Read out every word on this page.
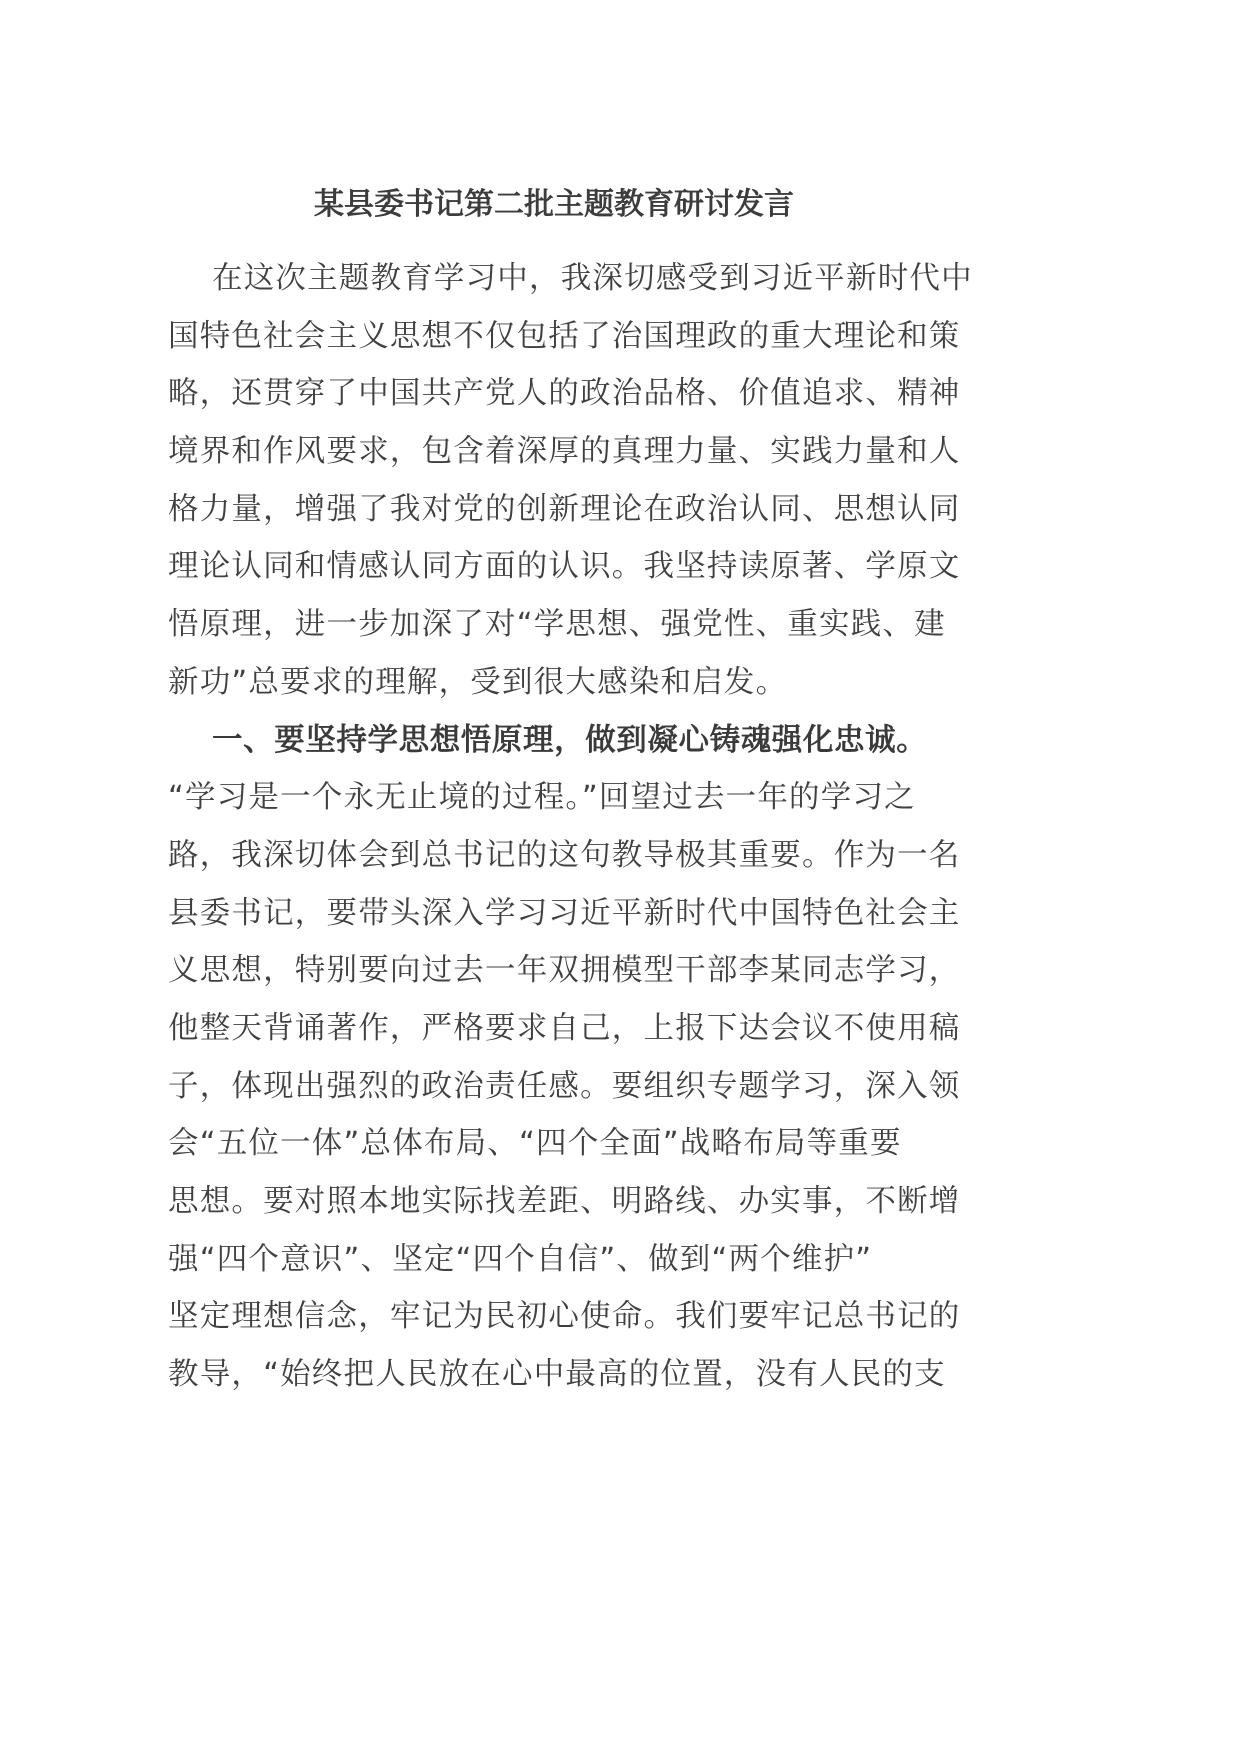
某县委书记第二批主题教育研讨发言
在这次主题教育学习中，我深切感受到习近平新时代中
国特色社会主义思想不仅包括了治国理政的重大理论和策
略，还贯穿了中国共产党人的政治品格、价值追求、精神
境界和作风要求，包含着深厚的真理力量、实践力量和人
格力量，增强了我对党的创新理论在政治认同、思想认同
理论认同和情感认同方面的认识。我坚持读原著、学原文
悟原理，进一步加深了对“学思想、强党性、重实践、建
新功”总要求的理解，受到很大感染和启发。
一、要坚持学思想悟原理，做到凝心铸魂强化忠诚。
“学习是一个永无止境的过程。”回望过去一年的学习之
路，我深切体会到总书记的这句教导极其重要。作为一名
县委书记，要带头深入学习习近平新时代中国特色社会主
义思想，特别要向过去一年双拥模型干部李某同志学习，
他整天背诵著作，严格要求自己，上报下达会议不使用稿
子，体现出强烈的政治责任感。要组织专题学习，深入领
会“五位一体”总体布局、“四个全面”战略布局等重要
思想。要对照本地实际找差距、明路线、办实事，不断增
强“四个意识”、坚定“四个自信”、做到“两个维护”
坚定理想信念，牢记为民初心使命。我们要牢记总书记的
教导，“始终把人民放在心中最高的位置，没有人民的支
